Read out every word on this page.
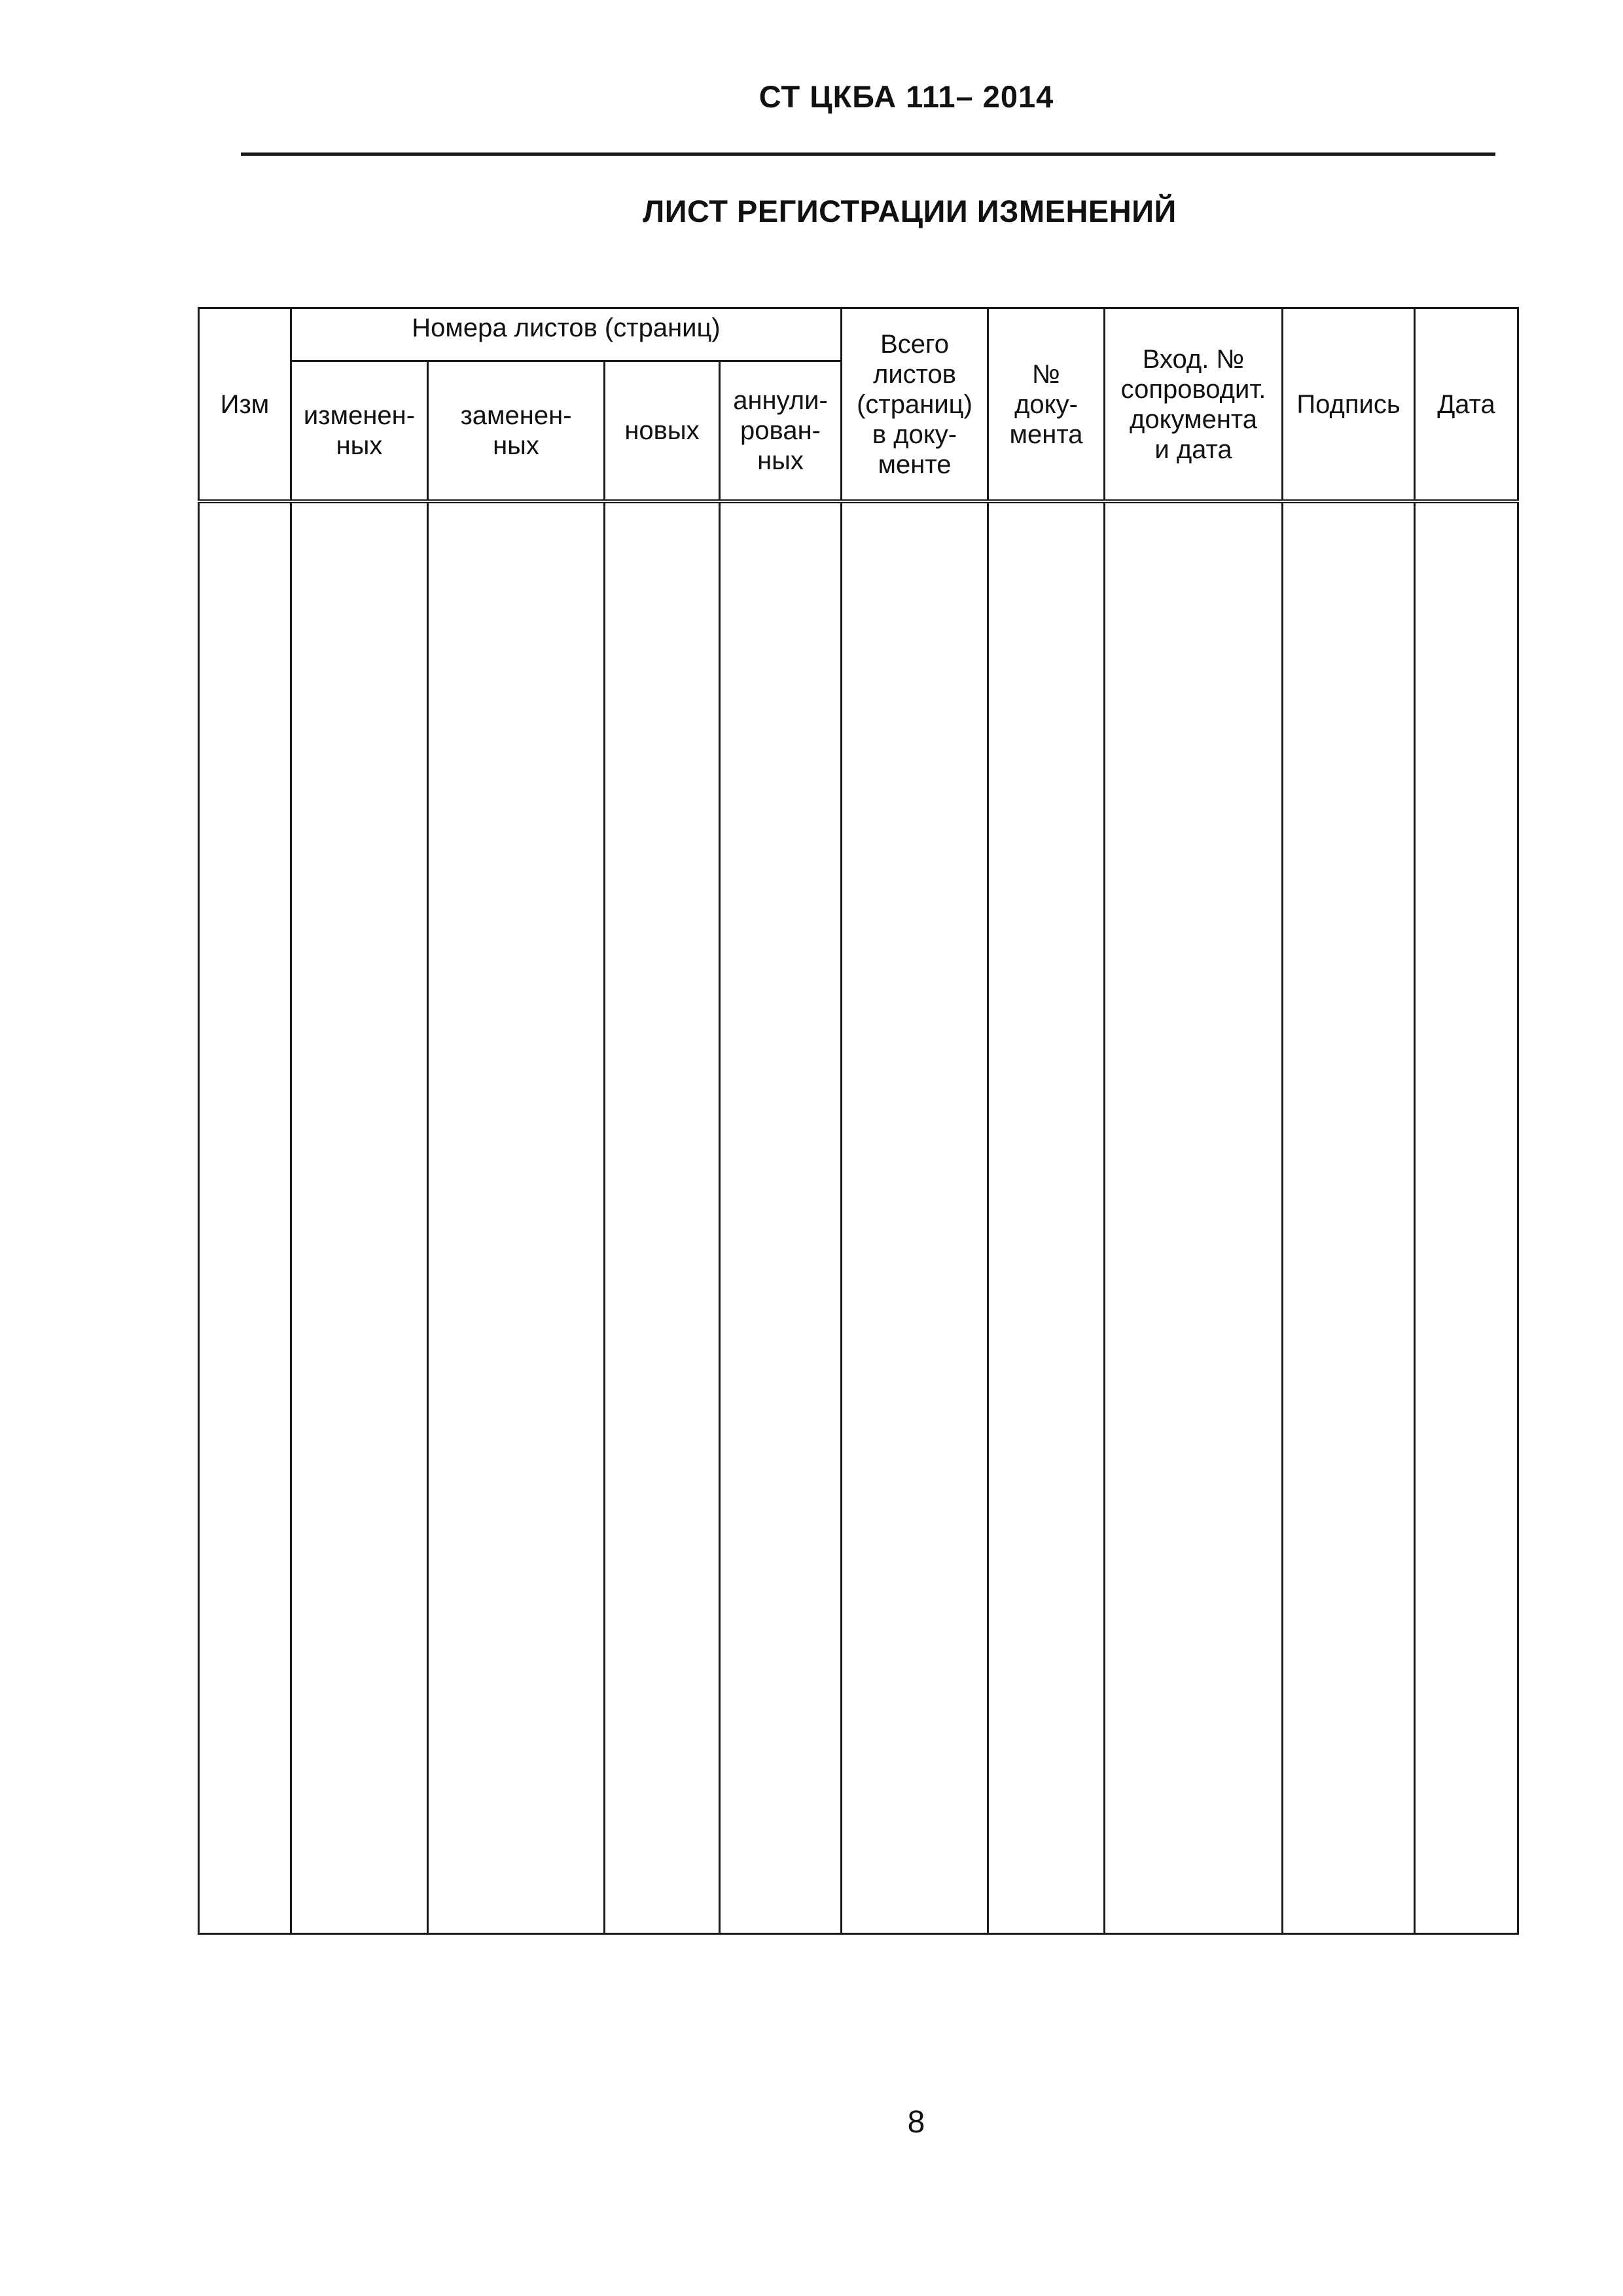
СТ ЦКБА 111– 2014
ЛИСТ РЕГИСТРАЦИИ ИЗМЕНЕНИЙ
Изм	Номера листов (страниц)				Всего
листов
(страниц)
в доку-
менте	№
доку-
мента	Вход. №
сопроводит.
документа
и дата	Подпись	Дата
	изменен-
ных	заменен-
ных	новых	аннули-
рован-
ных					

8
